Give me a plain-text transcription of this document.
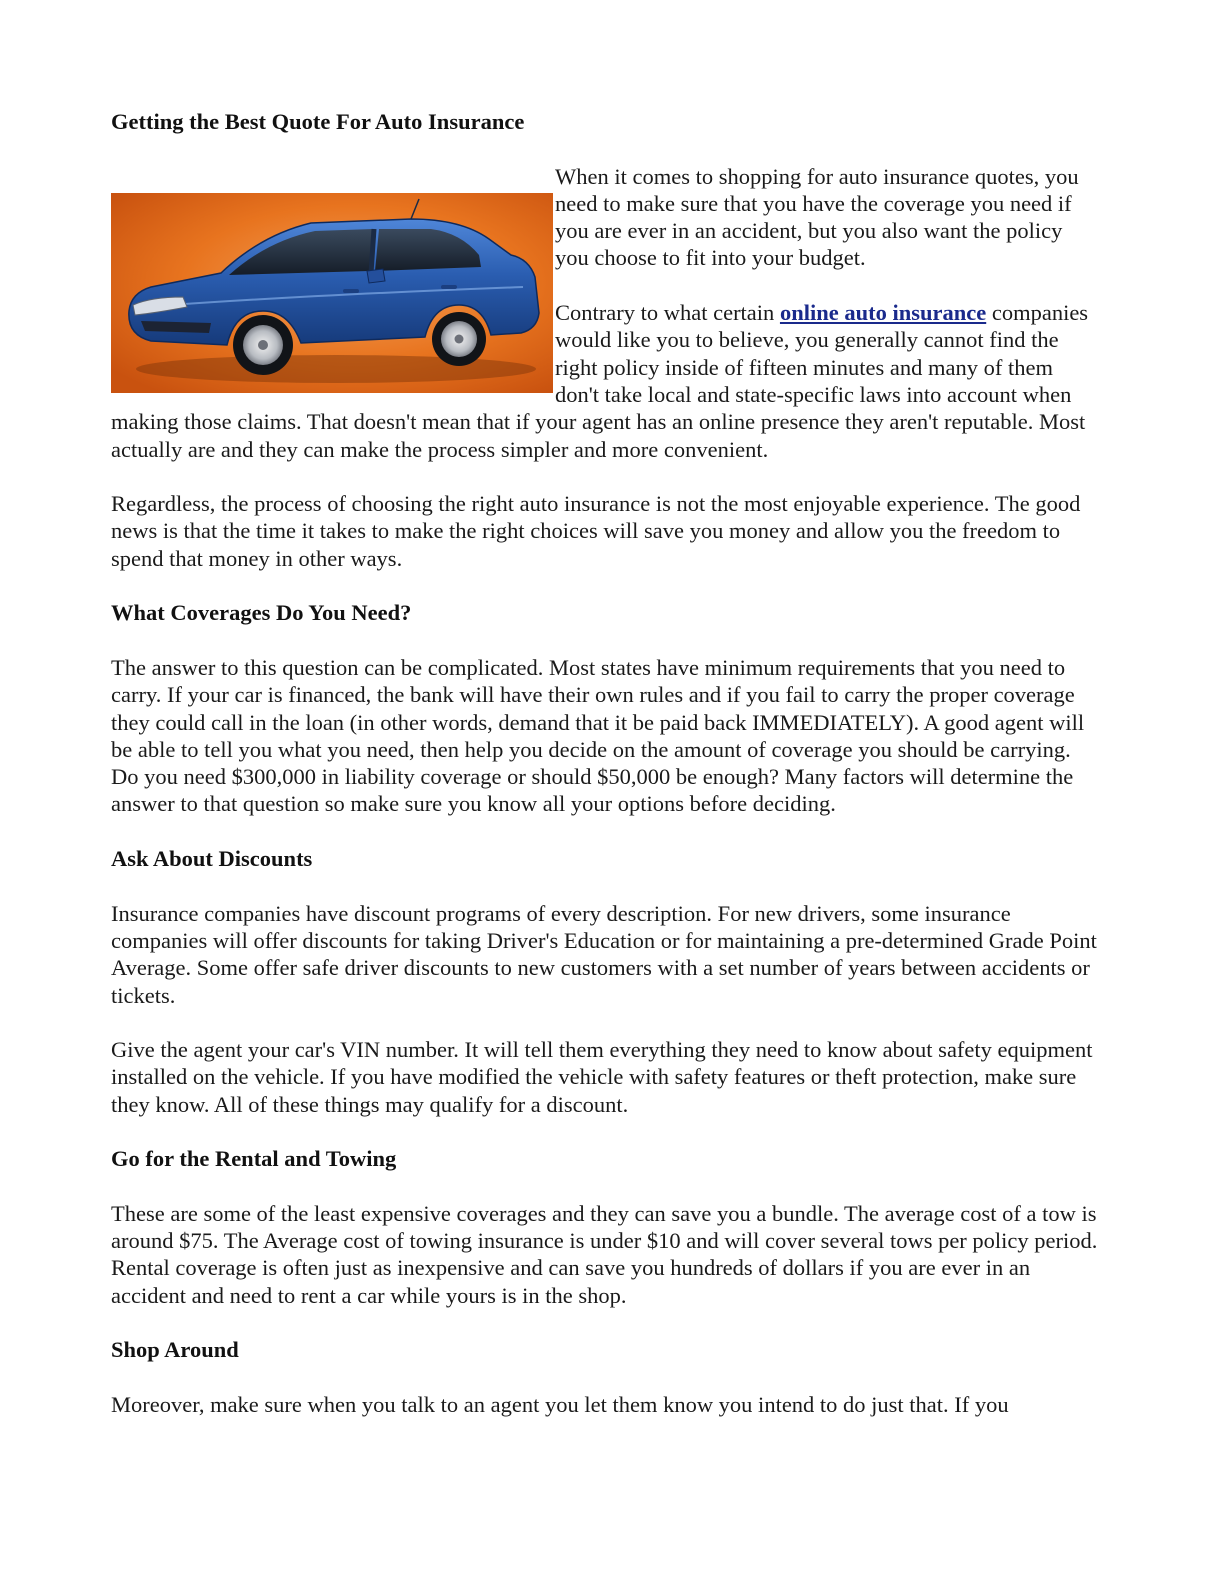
Getting the Best Quote For Auto Insurance

When it comes to shopping for auto insurance quotes, you need to make sure that you have the coverage you need if you are ever in an accident, but you also want the policy you choose to fit into your budget.

Contrary to what certain online auto insurance companies would like you to believe, you generally cannot find the right policy inside of fifteen minutes and many of them don't take local and state-specific laws into account when making those claims. That doesn't mean that if your agent has an online presence they aren't reputable. Most actually are and they can make the process simpler and more convenient.

Regardless, the process of choosing the right auto insurance is not the most enjoyable experience. The good news is that the time it takes to make the right choices will save you money and allow you the freedom to spend that money in other ways.

What Coverages Do You Need?

The answer to this question can be complicated. Most states have minimum requirements that you need to carry. If your car is financed, the bank will have their own rules and if you fail to carry the proper coverage they could call in the loan (in other words, demand that it be paid back IMMEDIATELY). A good agent will be able to tell you what you need, then help you decide on the amount of coverage you should be carrying. Do you need $300,000 in liability coverage or should $50,000 be enough? Many factors will determine the answer to that question so make sure you know all your options before deciding.

Ask About Discounts

Insurance companies have discount programs of every description. For new drivers, some insurance companies will offer discounts for taking Driver's Education or for maintaining a pre-determined Grade Point Average. Some offer safe driver discounts to new customers with a set number of years between accidents or tickets.

Give the agent your car's VIN number. It will tell them everything they need to know about safety equipment installed on the vehicle. If you have modified the vehicle with safety features or theft protection, make sure they know. All of these things may qualify for a discount.

Go for the Rental and Towing

These are some of the least expensive coverages and they can save you a bundle. The average cost of a tow is around $75. The Average cost of towing insurance is under $10 and will cover several tows per policy period. Rental coverage is often just as inexpensive and can save you hundreds of dollars if you are ever in an accident and need to rent a car while yours is in the shop.

Shop Around

Moreover, make sure when you talk to an agent you let them know you intend to do just that. If you
